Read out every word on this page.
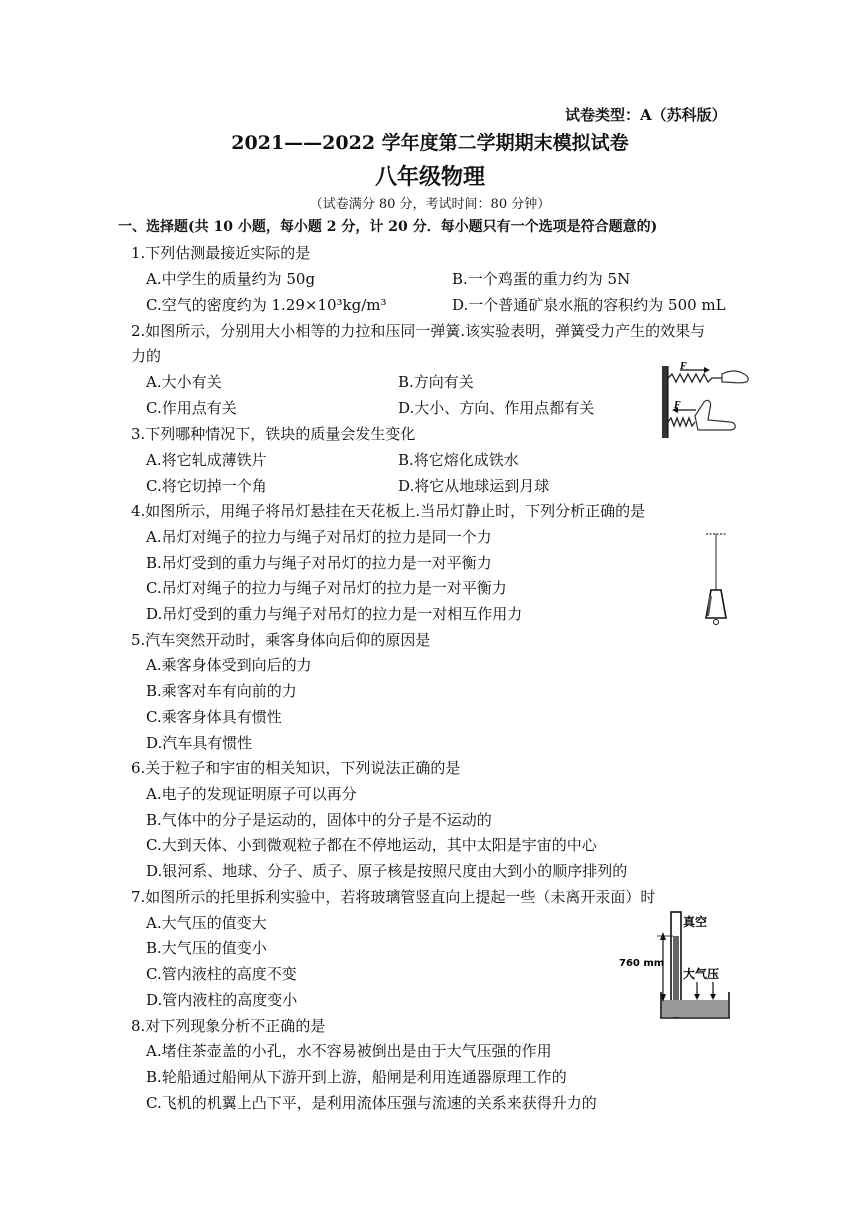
试卷类型：A（苏科版）
2021——2022 学年度第二学期期末模拟试卷
八年级物理
（试卷满分 80 分，考试时间：80 分钟）
一、选择题(共 10 小题，每小题 2 分，计 20 分．每小题只有一个选项是符合题意的)
1.下列估测最接近实际的是
A.中学生的质量约为 50g	B.一个鸡蛋的重力约为 5N
C.空气的密度约为 1.29×10³kg/m³	D.一个普通矿泉水瓶的容积约为 500 mL
2.如图所示，分别用大小相等的力拉和压同一弹簧.该实验表明，弹簧受力产生的效果与
力的
A.大小有关	B.方向有关
C.作用点有关	D.大小、方向、作用点都有关
F
F
3.下列哪种情况下，铁块的质量会发生变化
A.将它轧成薄铁片	B.将它熔化成铁水
C.将它切掉一个角	D.将它从地球运到月球
4.如图所示，用绳子将吊灯悬挂在天花板上.当吊灯静止时，下列分析正确的是
A.吊灯对绳子的拉力与绳子对吊灯的拉力是同一个力
B.吊灯受到的重力与绳子对吊灯的拉力是一对平衡力
C.吊灯对绳子的拉力与绳子对吊灯的拉力是一对平衡力
D.吊灯受到的重力与绳子对吊灯的拉力是一对相互作用力
5.汽车突然开动时，乘客身体向后仰的原因是
A.乘客身体受到向后的力
B.乘客对车有向前的力
C.乘客身体具有惯性
D.汽车具有惯性
6.关于粒子和宇宙的相关知识，下列说法正确的是
A.电子的发现证明原子可以再分
B.气体中的分子是运动的，固体中的分子是不运动的
C.大到天体、小到微观粒子都在不停地运动，其中太阳是宇宙的中心
D.银河系、地球、分子、质子、原子核是按照尺度由大到小的顺序排列的
7.如图所示的托里拆利实验中，若将玻璃管竖直向上提起一些（未离开汞面）时
A.大气压的值变大
B.大气压的值变小
C.管内液柱的高度不变
D.管内液柱的高度变小
真空
760 mm
大气压
8.对下列现象分析不正确的是
A.堵住茶壶盖的小孔，水不容易被倒出是由于大气压强的作用
B.轮船通过船闸从下游开到上游，船闸是利用连通器原理工作的
C.飞机的机翼上凸下平，是利用流体压强与流速的关系来获得升力的
